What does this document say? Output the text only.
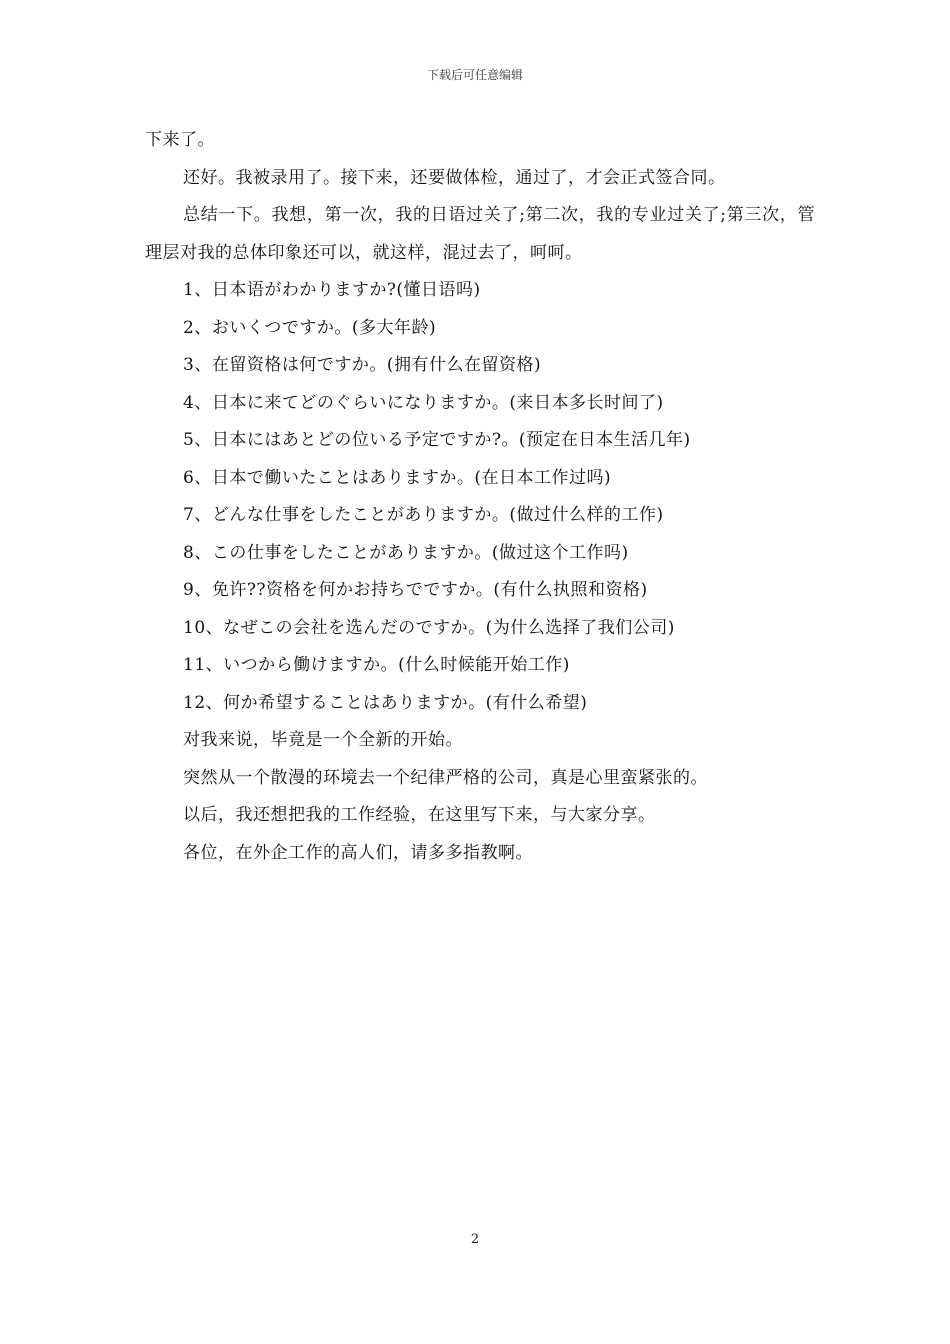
下载后可任意编辑

下来了。

还好。我被录用了。接下来，还要做体检，通过了，才会正式签合同。

总结一下。我想，第一次，我的日语过关了;第二次，我的专业过关了;第三次，管理层对我的总体印象还可以，就这样，混过去了，呵呵。

1、日本语がわかりますか?(懂日语吗)

2、おいくつですか。(多大年龄)

3、在留资格は何ですか。(拥有什么在留资格)

4、日本に来てどのぐらいになりますか。(来日本多长时间了)

5、日本にはあとどの位いる予定ですか?。(预定在日本生活几年)

6、日本で働いたことはありますか。(在日本工作过吗)

7、どんな仕事をしたことがありますか。(做过什么样的工作)

8、この仕事をしたことがありますか。(做过这个工作吗)

9、免许??资格を何かお持ちでですか。(有什么执照和资格)

10、なぜこの会社を选んだのですか。(为什么选择了我们公司)

11、いつから働けますか。(什么时候能开始工作)

12、何か希望することはありますか。(有什么希望)

对我来说，毕竟是一个全新的开始。

突然从一个散漫的环境去一个纪律严格的公司，真是心里蛮紧张的。

以后，我还想把我的工作经验，在这里写下来，与大家分享。

各位，在外企工作的高人们，请多多指教啊。

2
